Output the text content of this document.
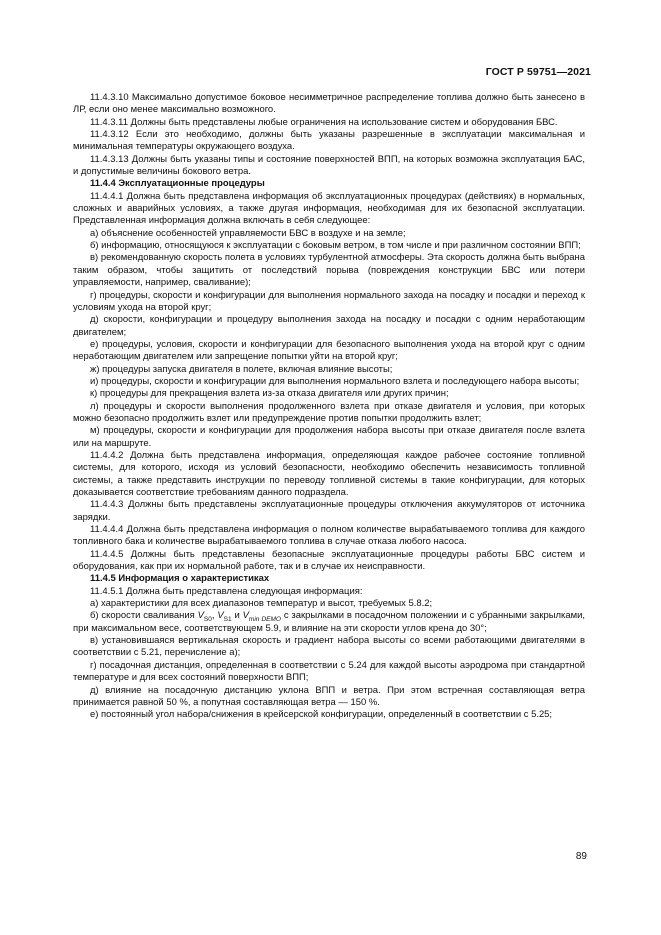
ГОСТ Р 59751—2021

11.4.3.10 Максимально допустимое боковое несимметричное распределение топлива должно быть занесено в ЛР, если оно менее максимально возможного.

11.4.3.11 Должны быть представлены любые ограничения на использование систем и оборудования БВС.

11.4.3.12 Если это необходимо, должны быть указаны разрешенные в эксплуатации максимальная и минимальная температуры окружающего воздуха.

11.4.3.13 Должны быть указаны типы и состояние поверхностей ВПП, на которых возможна эксплуатация БАС, и допустимые величины бокового ветра.

11.4.4 Эксплуатационные процедуры

11.4.4.1 Должна быть представлена информация об эксплуатационных процедурах (действиях) в нормальных, сложных и аварийных условиях, а также другая информация, необходимая для их безопасной эксплуатации. Представленная информация должна включать в себя следующее:

а) объяснение особенностей управляемости БВС в воздухе и на земле;

б) информацию, относящуюся к эксплуатации с боковым ветром, в том числе и при различном состоянии ВПП;

в) рекомендованную скорость полета в условиях турбулентной атмосферы. Эта скорость должна быть выбрана таким образом, чтобы защитить от последствий порыва (повреждения конструкции БВС или потери управляемости, например, сваливание);

г) процедуры, скорости и конфигурации для выполнения нормального захода на посадку и посадки и переход к условиям ухода на второй круг;

д) скорости, конфигурации и процедуру выполнения захода на посадку и посадки с одним неработающим двигателем;

е) процедуры, условия, скорости и конфигурации для безопасного выполнения ухода на второй круг с одним неработающим двигателем или запрещение попытки уйти на второй круг;

ж) процедуры запуска двигателя в полете, включая влияние высоты;

и) процедуры, скорости и конфигурации для выполнения нормального взлета и последующего набора высоты;

к) процедуры для прекращения взлета из-за отказа двигателя или других причин;

л) процедуры и скорости выполнения продолженного взлета при отказе двигателя и условия, при которых можно безопасно продолжить взлет или предупреждение против попытки продолжить взлет;

м) процедуры, скорости и конфигурации для продолжения набора высоты при отказе двигателя после взлета или на маршруте.

11.4.4.2 Должна быть представлена информация, определяющая каждое рабочее состояние топливной системы, для которого, исходя из условий безопасности, необходимо обеспечить независимость топливной системы, а также представить инструкции по переводу топливной системы в такие конфигурации, для которых доказывается соответствие требованиям данного подраздела.

11.4.4.3 Должны быть представлены эксплуатационные процедуры отключения аккумуляторов от источника зарядки.

11.4.4.4 Должна быть представлена информация о полном количестве вырабатываемого топлива для каждого топливного бака и количестве вырабатываемого топлива в случае отказа любого насоса.

11.4.4.5 Должны быть представлены безопасные эксплуатационные процедуры работы БВС систем и оборудования, как при их нормальной работе, так и в случае их неисправности.

11.4.5 Информация о характеристиках

11.4.5.1 Должна быть представлена следующая информация:

а) характеристики для всех диапазонов температур и высот, требуемых 5.8.2;

б) скорости сваливания $V_{S0}$, $V_{S1}$ и $V_{min DEMO}$ с закрылками в посадочном положении и с убранными закрылками, при максимальном весе, соответствующем 5.9, и влияние на эти скорости углов крена до 30°;

в) установившаяся вертикальная скорость и градиент набора высоты со всеми работающими двигателями в соответствии с 5.21, перечисление а);

г) посадочная дистанция, определенная в соответствии с 5.24 для каждой высоты аэродрома при стандартной температуре и для всех состояний поверхности ВПП;

д) влияние на посадочную дистанцию уклона ВПП и ветра. При этом встречная составляющая ветра принимается равной 50 %, а попутная составляющая ветра — 150 %.

е) постоянный угол набора/снижения в крейсерской конфигурации, определенный в соответствии с 5.25;

89
